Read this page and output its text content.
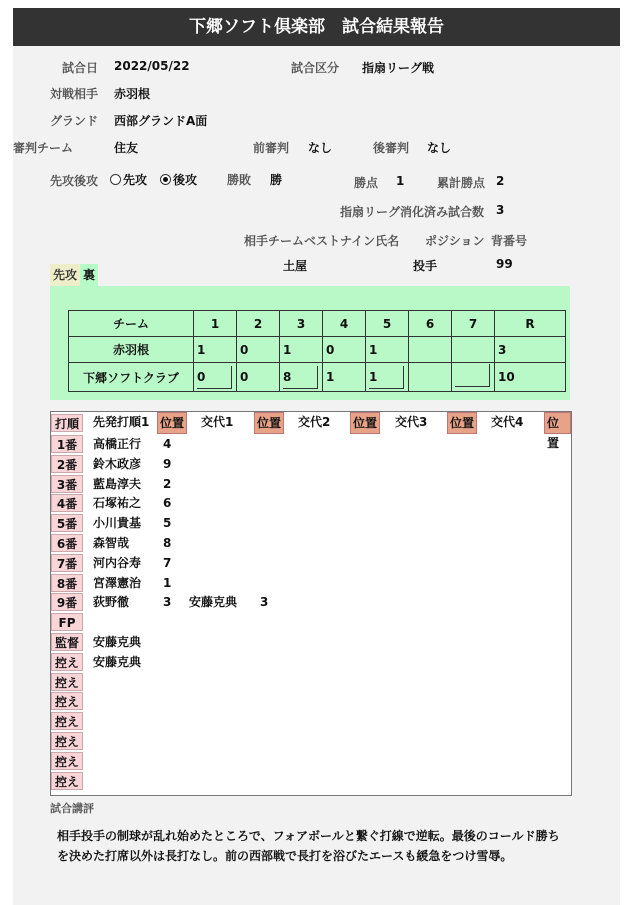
下郷ソフト倶楽部　試合結果報告
試合日 2022/05/22	試合区分 指扇リーグ戦
対戦相手 赤羽根
グランド 西部グランドA面
審判チーム	住友	前審判 なし	後審判 なし
先攻後攻	先攻	後攻 勝敗 勝	勝点 1	累計勝点 2
指扇リーグ消化済み試合数 3
相手チームベストナイン氏名 ポジション 背番号
土屋	投手	99
先攻 裏
チーム	1	2	3	4	5	6	7	R
赤羽根	1	0	1	0	1			3
下郷ソフトクラブ	0	0	8	1	1			10
打順	先発打順1 位置 交代1 位置 交代2 位置 交代3 位置 交代4 位置
1番	高橋正行 4
2番	鈴木政彦 9
3番	藍島淳夫 2
4番	石塚祐之 6
5番	小川貴基 5
6番	森智哉	8
7番	河内谷寿 7
8番	宮澤憲治 1
9番	荻野徹	3 安藤克典 3
FP
監督	安藤克典
控え	安藤克典
控え
控え
控え
控え
控え
控え
試合講評
相手投手の制球が乱れ始めたところで、フォアボールと繋ぐ打線で逆転。最後のコールド勝ちを決めた打席以外は長打なし。前の西部戦で長打を浴びたエースも緩急をつけ雪辱。
